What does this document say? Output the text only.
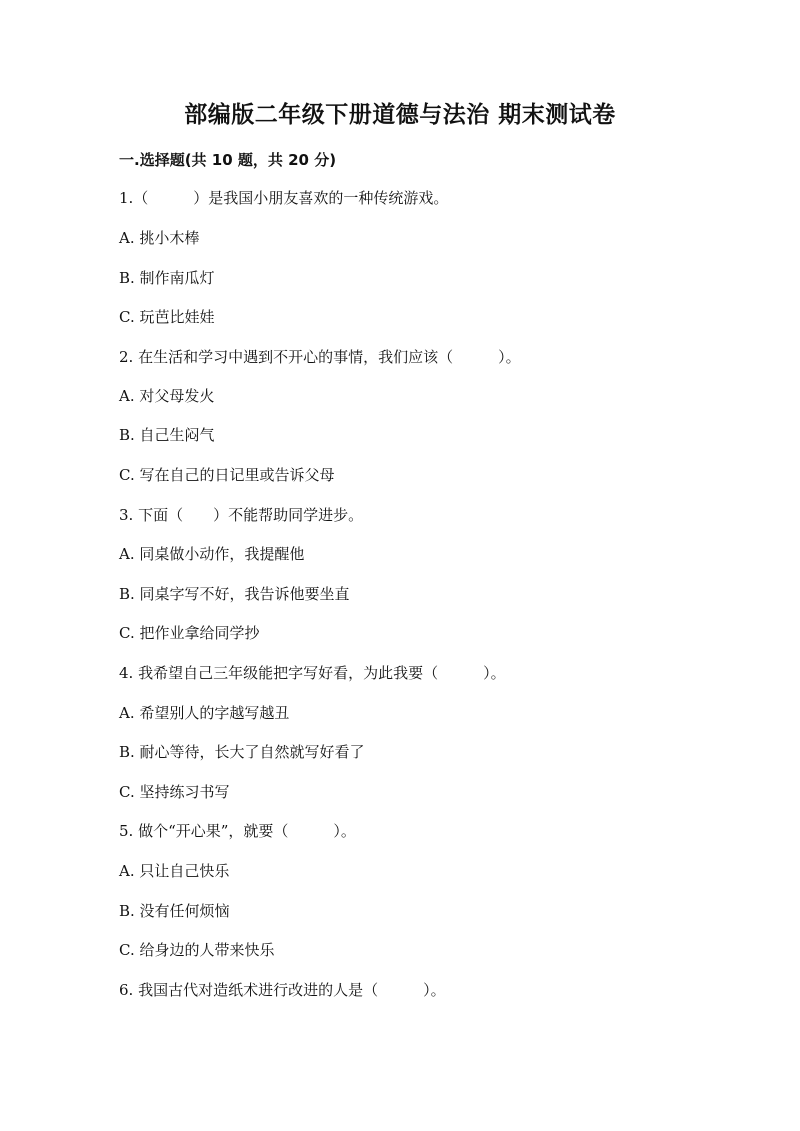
部编版二年级下册道德与法治 期末测试卷
一.选择题(共 10 题，共 20 分)
1.（　　　）是我国小朋友喜欢的一种传统游戏。
A. 挑小木棒
B. 制作南瓜灯
C. 玩芭比娃娃
2. 在生活和学习中遇到不开心的事情，我们应该（　　　）。
A. 对父母发火
B. 自己生闷气
C. 写在自己的日记里或告诉父母
3. 下面（　　）不能帮助同学进步。
A. 同桌做小动作，我提醒他
B. 同桌字写不好，我告诉他要坐直
C. 把作业拿给同学抄
4. 我希望自己三年级能把字写好看，为此我要（　　　）。
A. 希望别人的字越写越丑
B. 耐心等待，长大了自然就写好看了
C. 坚持练习书写
5. 做个“开心果”，就要（　　　）。
A. 只让自己快乐
B. 没有任何烦恼
C. 给身边的人带来快乐
6. 我国古代对造纸术进行改进的人是（　　　）。
